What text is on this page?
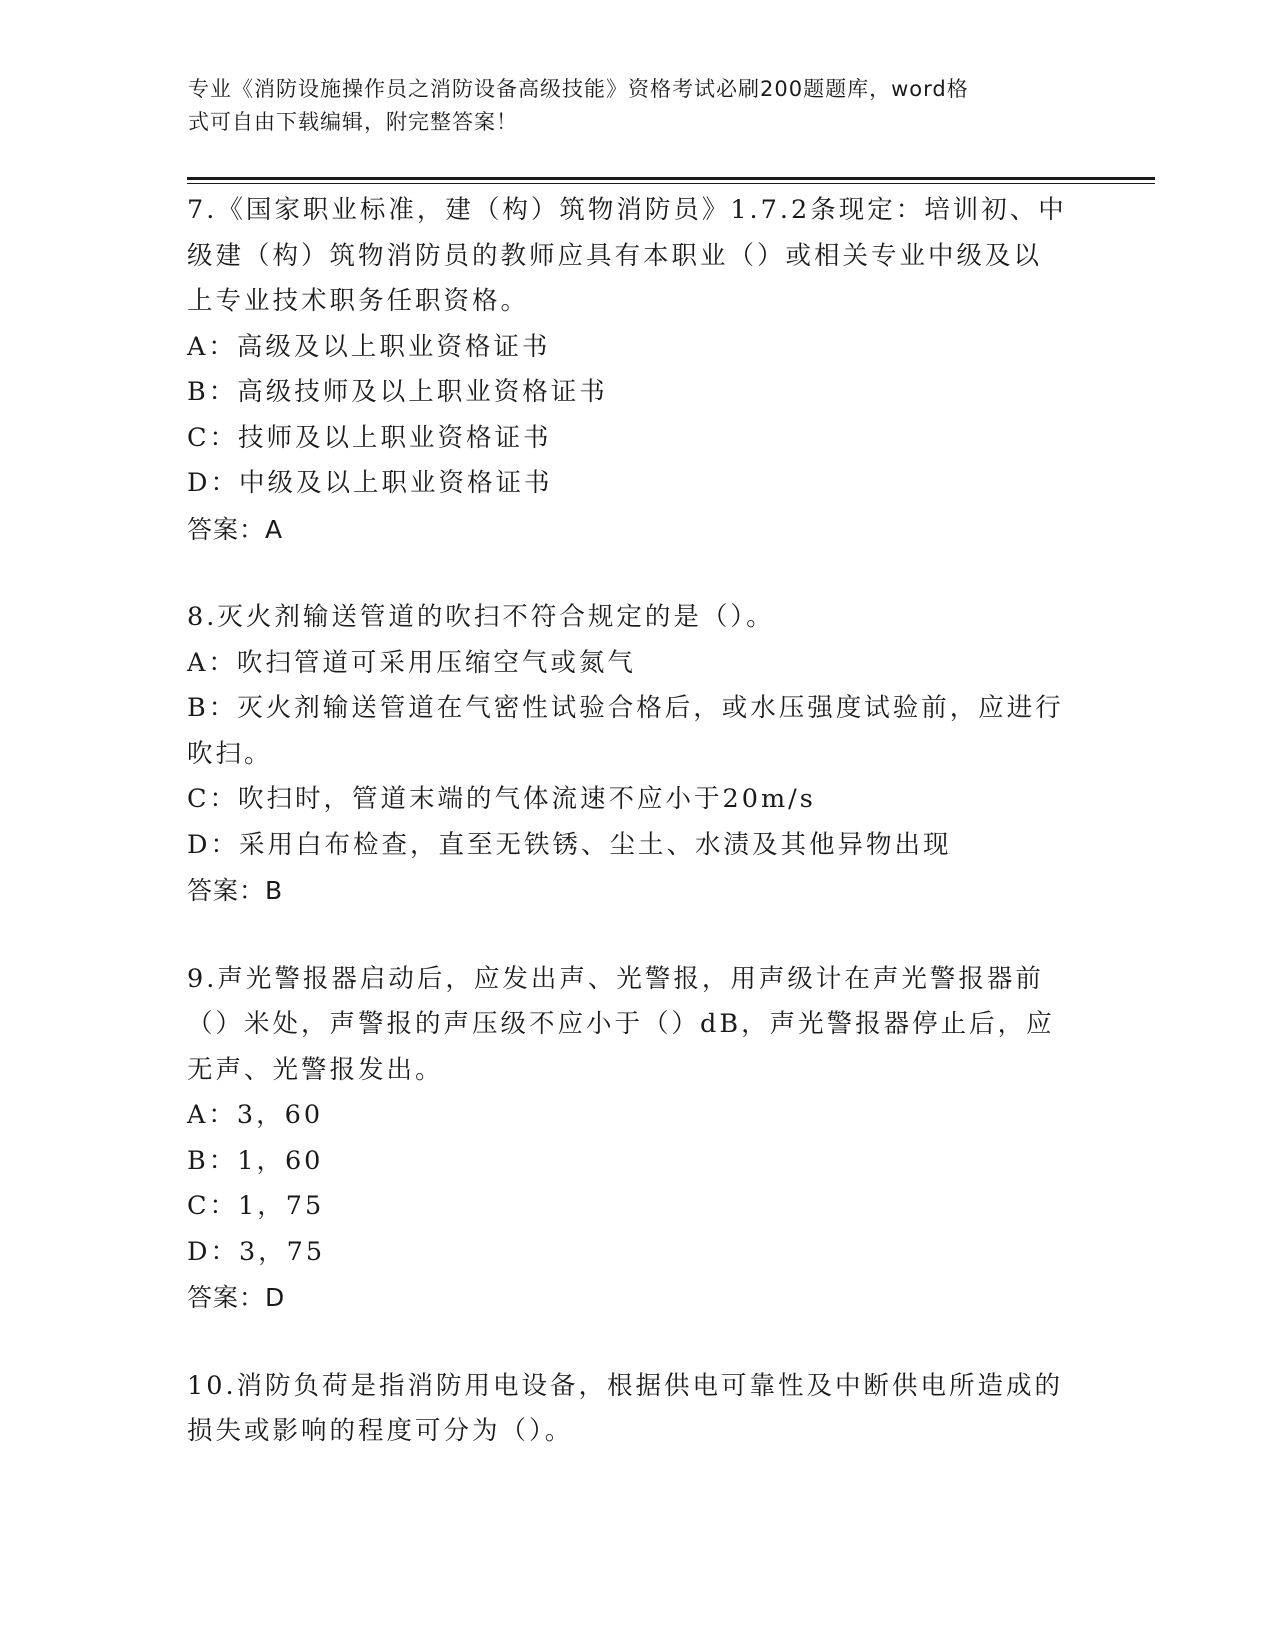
专业《消防设施操作员之消防设备高级技能》资格考试必刷200题题库，word格
式可自由下载编辑，附完整答案！
7.《国家职业标准，建（构）筑物消防员》1.7.2条现定：培训初、中
级建（构）筑物消防员的教师应具有本职业（）或相关专业中级及以
上专业技术职务任职资格。
A：高级及以上职业资格证书
B：高级技师及以上职业资格证书
C：技师及以上职业资格证书
D：中级及以上职业资格证书
答案：A
8.灭火剂输送管道的吹扫不符合规定的是（）。
A：吹扫管道可采用压缩空气或氮气
B：灭火剂输送管道在气密性试验合格后，或水压强度试验前，应进行
吹扫。
C：吹扫时，管道末端的气体流速不应小于20m/s
D：采用白布检查，直至无铁锈、尘土、水渍及其他异物出现
答案：B
9.声光警报器启动后，应发出声、光警报，用声级计在声光警报器前
（）米处，声警报的声压级不应小于（）dB，声光警报器停止后，应
无声、光警报发出。
A：3，60
B：1，60
C：1，75
D：3，75
答案：D
10.消防负荷是指消防用电设备，根据供电可靠性及中断供电所造成的
损失或影响的程度可分为（）。
